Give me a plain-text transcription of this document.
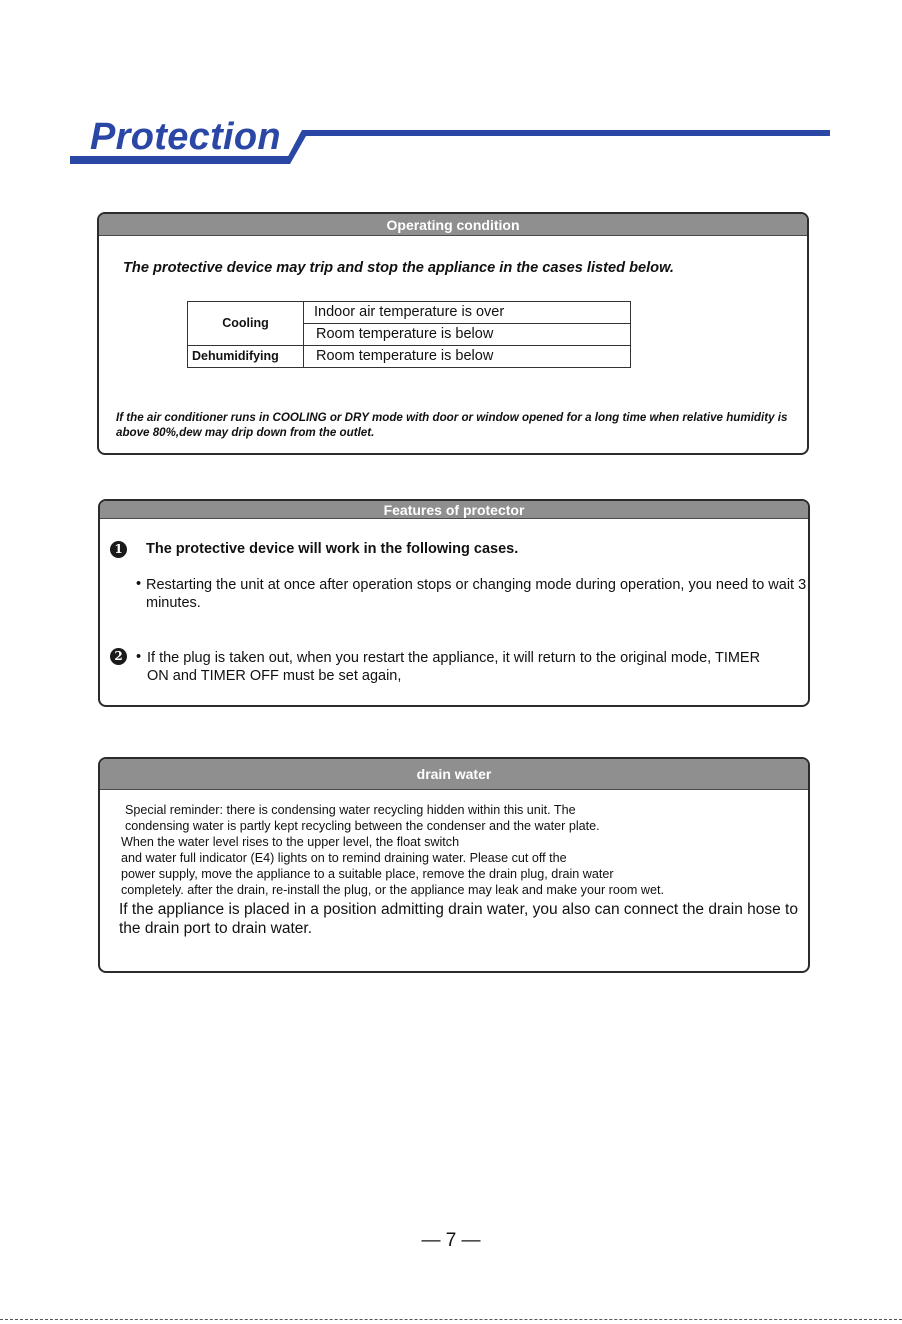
Protection
Operating condition
The protective device may trip and stop the appliance in the cases listed below.
Cooling	Indoor air temperature is over
	Room temperature is below
Dehumidifying	Room temperature is below
If the air conditioner runs in COOLING or DRY mode with door or window opened for a long time when relative humidity is above 80%,dew may drip down from the outlet.
Features of protector
1 The protective device will work in the following cases.
• Restarting the unit at once after operation stops or changing mode during operation, you need to wait 3 minutes.
2 • If the plug is taken out, when you restart the appliance, it will return to the original mode, TIMER ON and TIMER OFF must be set again,
drain water
Special reminder: there is condensing water recycling hidden within this unit. The
condensing water is partly kept recycling between the condenser and the water plate.
When the water level rises to the upper level, the float switch
and water full indicator (E4) lights on to remind draining water. Please cut off the
power supply, move the appliance to a suitable place, remove the drain plug, drain water
completely. after the drain, re-install the plug, or the appliance may leak and make your room wet.
If the appliance is placed in a position admitting drain water, you also can connect the drain hose to the drain port to drain water.
— 7 —
